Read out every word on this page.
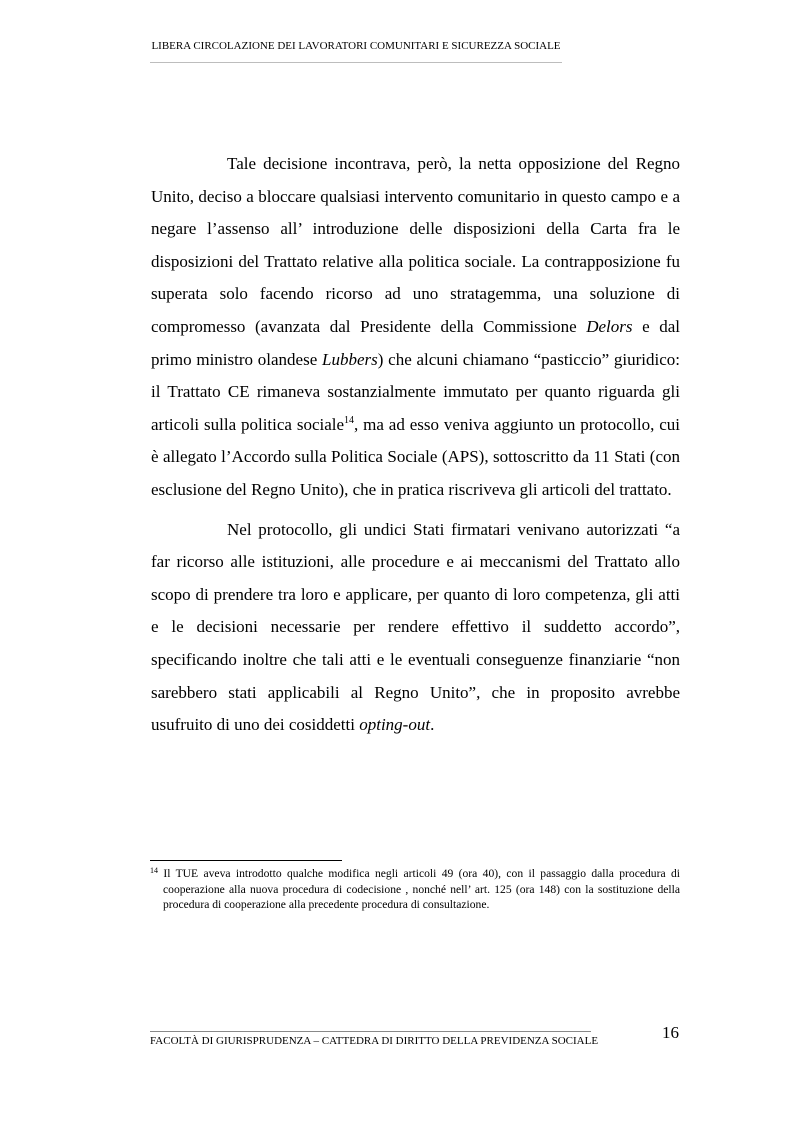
LIBERA CIRCOLAZIONE DEI LAVORATORI COMUNITARI E SICUREZZA SOCIALE

Tale decisione incontrava, però, la netta opposizione del Regno Unito, deciso a bloccare qualsiasi intervento comunitario in questo campo e a negare l’assenso all’ introduzione delle disposizioni della Carta fra le disposizioni del Trattato relative alla politica sociale. La contrapposizione fu superata solo facendo ricorso ad uno stratagemma, una soluzione di compromesso (avanzata dal Presidente della Commissione Delors e dal primo ministro olandese Lubbers) che alcuni chiamano “pasticcio” giuridico: il Trattato CE rimaneva sostanzialmente immutato per quanto riguarda gli articoli sulla politica sociale$^{14}$, ma ad esso veniva aggiunto un protocollo, cui è allegato l’Accordo sulla Politica Sociale (APS), sottoscritto da 11 Stati (con esclusione del Regno Unito), che in pratica riscriveva gli articoli del trattato.

Nel protocollo, gli undici Stati firmatari venivano autorizzati “a far ricorso alle istituzioni, alle procedure e ai meccanismi del Trattato allo scopo di prendere tra loro e applicare, per quanto di loro competenza, gli atti e le decisioni necessarie per rendere effettivo il suddetto accordo”, specificando inoltre che tali atti e le eventuali conseguenze finanziarie “non sarebbero stati applicabili al Regno Unito”, che in proposito avrebbe usufruito di uno dei cosiddetti opting-out.

$^{14}$ Il TUE aveva introdotto qualche modifica negli articoli 49 (ora 40), con il passaggio dalla procedura di cooperazione alla nuova procedura di codecisione , nonché nell’ art. 125 (ora 148) con la sostituzione della procedura di cooperazione alla precedente procedura di consultazione.

FACOLTÀ DI GIURISPRUDENZA – CATTEDRA DI DIRITTO DELLA PREVIDENZA SOCIALE	16
